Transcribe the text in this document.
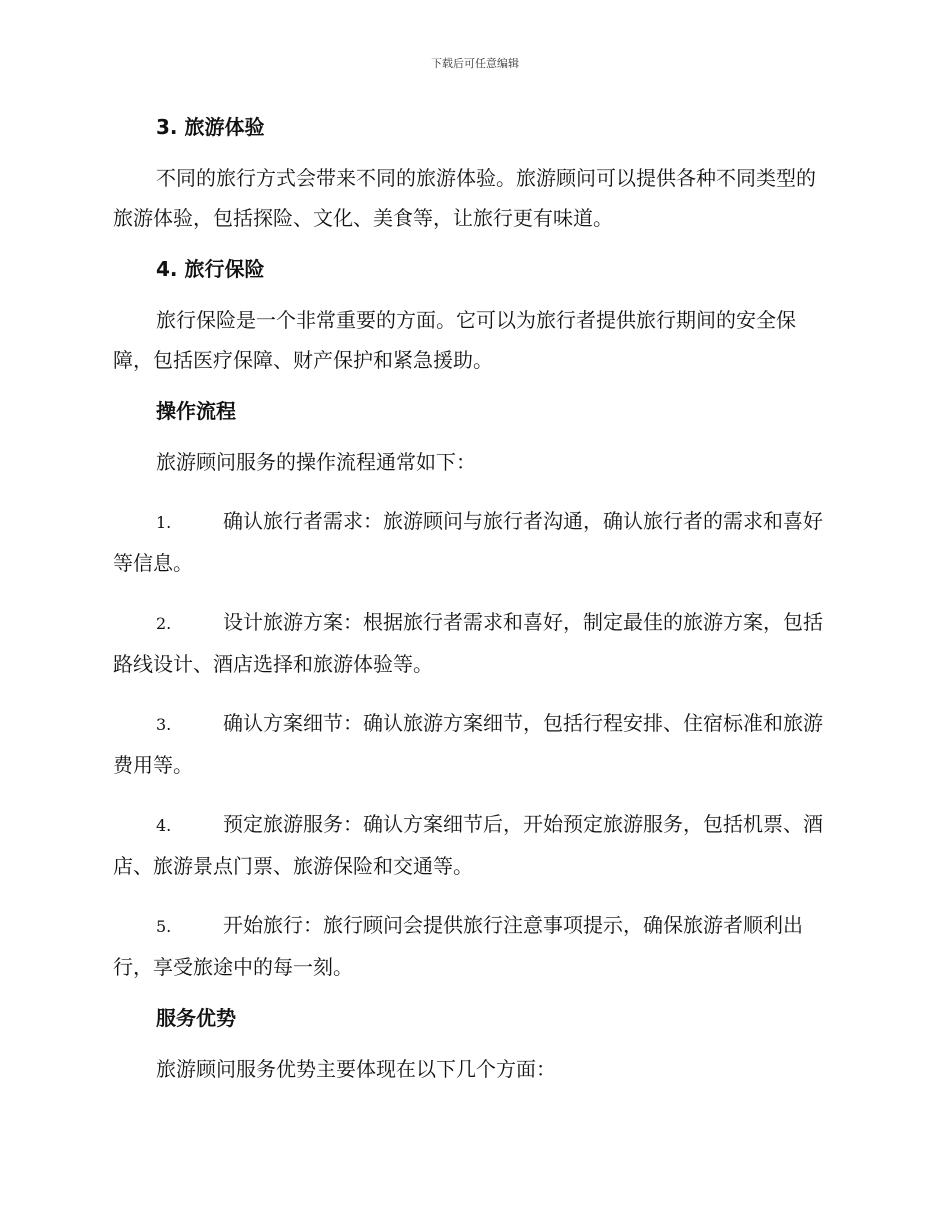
下载后可任意编辑
3. 旅游体验

不同的旅行方式会带来不同的旅游体验。旅游顾问可以提供各种不同类型的旅游体验，包括探险、文化、美食等，让旅行更有味道。

4. 旅行保险

旅行保险是一个非常重要的方面。它可以为旅行者提供旅行期间的安全保障，包括医疗保障、财产保护和紧急援助。

操作流程

旅游顾问服务的操作流程通常如下：

1.	确认旅行者需求：旅游顾问与旅行者沟通，确认旅行者的需求和喜好等信息。

2.	设计旅游方案：根据旅行者需求和喜好，制定最佳的旅游方案，包括路线设计、酒店选择和旅游体验等。

3.	确认方案细节：确认旅游方案细节，包括行程安排、住宿标准和旅游费用等。

4.	预定旅游服务：确认方案细节后，开始预定旅游服务，包括机票、酒店、旅游景点门票、旅游保险和交通等。

5.	开始旅行：旅行顾问会提供旅行注意事项提示，确保旅游者顺利出行，享受旅途中的每一刻。

服务优势

旅游顾问服务优势主要体现在以下几个方面：
